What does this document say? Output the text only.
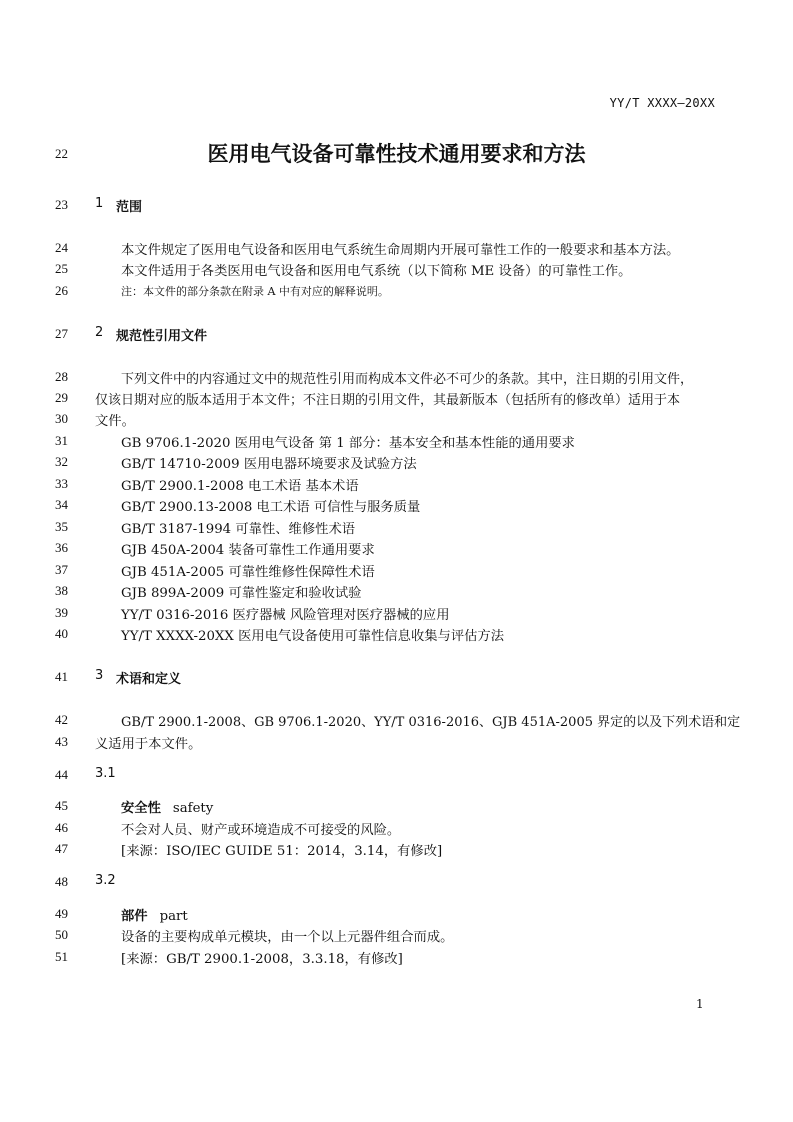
YY/T XXXX—20XX
22	医用电气设备可靠性技术通用要求和方法
23	1 范围
24	本文件规定了医用电气设备和医用电气系统生命周期内开展可靠性工作的一般要求和基本方法。
25	本文件适用于各类医用电气设备和医用电气系统（以下简称 ME 设备）的可靠性工作。
26	注：本文件的部分条款在附录 A 中有对应的解释说明。
27	2 规范性引用文件
28	下列文件中的内容通过文中的规范性引用而构成本文件必不可少的条款。其中，注日期的引用文件，
29	仅该日期对应的版本适用于本文件；不注日期的引用文件，其最新版本（包括所有的修改单）适用于本
30	文件。
31	GB 9706.1-2020 医用电气设备 第 1 部分：基本安全和基本性能的通用要求
32	GB/T 14710-2009 医用电器环境要求及试验方法
33	GB/T 2900.1-2008 电工术语 基本术语
34	GB/T 2900.13-2008 电工术语 可信性与服务质量
35	GB/T 3187-1994 可靠性、维修性术语
36	GJB 450A-2004 装备可靠性工作通用要求
37	GJB 451A-2005 可靠性维修性保障性术语
38	GJB 899A-2009 可靠性鉴定和验收试验
39	YY/T 0316-2016 医疗器械 风险管理对医疗器械的应用
40	YY/T XXXX-20XX 医用电气设备使用可靠性信息收集与评估方法
41	3 术语和定义
42	GB/T 2900.1-2008、GB 9706.1-2020、YY/T 0316-2016、GJB 451A-2005 界定的以及下列术语和定
43	义适用于本文件。
44	3.1
45	安全性 safety
46	不会对人员、财产或环境造成不可接受的风险。
47	[来源：ISO/IEC GUIDE 51：2014，3.14，有修改]
48	3.2
49	部件 part
50	设备的主要构成单元模块，由一个以上元器件组合而成。
51	[来源：GB/T 2900.1-2008，3.3.18，有修改]
1
